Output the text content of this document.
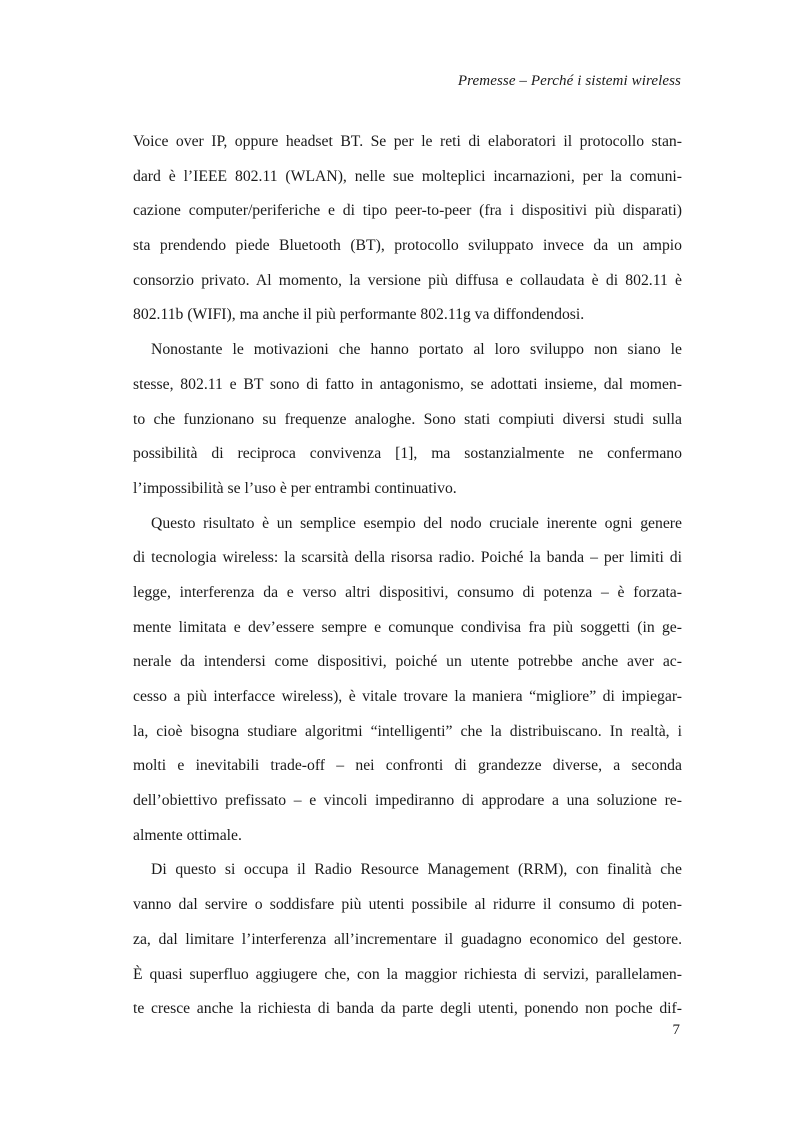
Premesse – Perché i sistemi wireless
Voice over IP, oppure headset BT. Se per le reti di elaboratori il protocollo stan-
dard è l’IEEE 802.11 (WLAN), nelle sue molteplici incarnazioni, per la comuni-
cazione computer/periferiche e di tipo peer-to-peer (fra i dispositivi più disparati)
sta prendendo piede Bluetooth (BT), protocollo sviluppato invece da un ampio
consorzio privato. Al momento, la versione più diffusa e collaudata è di 802.11 è
802.11b (WIFI), ma anche il più performante 802.11g va diffondendosi.
Nonostante le motivazioni che hanno portato al loro sviluppo non siano le
stesse, 802.11 e BT sono di fatto in antagonismo, se adottati insieme, dal momen-
to che funzionano su frequenze analoghe. Sono stati compiuti diversi studi sulla
possibilità di reciproca convivenza [1], ma sostanzialmente ne confermano
l’impossibilità se l’uso è per entrambi continuativo.
Questo risultato è un semplice esempio del nodo cruciale inerente ogni genere
di tecnologia wireless: la scarsità della risorsa radio. Poiché la banda – per limiti di
legge, interferenza da e verso altri dispositivi, consumo di potenza – è forzata-
mente limitata e dev’essere sempre e comunque condivisa fra più soggetti (in ge-
nerale da intendersi come dispositivi, poiché un utente potrebbe anche aver ac-
cesso a più interfacce wireless), è vitale trovare la maniera “migliore” di impiegar-
la, cioè bisogna studiare algoritmi “intelligenti” che la distribuiscano. In realtà, i
molti e inevitabili trade-off – nei confronti di grandezze diverse, a seconda
dell’obiettivo prefissato – e vincoli impediranno di approdare a una soluzione re-
almente ottimale.
Di questo si occupa il Radio Resource Management (RRM), con finalità che
vanno dal servire o soddisfare più utenti possibile al ridurre il consumo di poten-
za, dal limitare l’interferenza all’incrementare il guadagno economico del gestore.
È quasi superfluo aggiugere che, con la maggior richiesta di servizi, parallelamen-
te cresce anche la richiesta di banda da parte degli utenti, ponendo non poche dif-
7
